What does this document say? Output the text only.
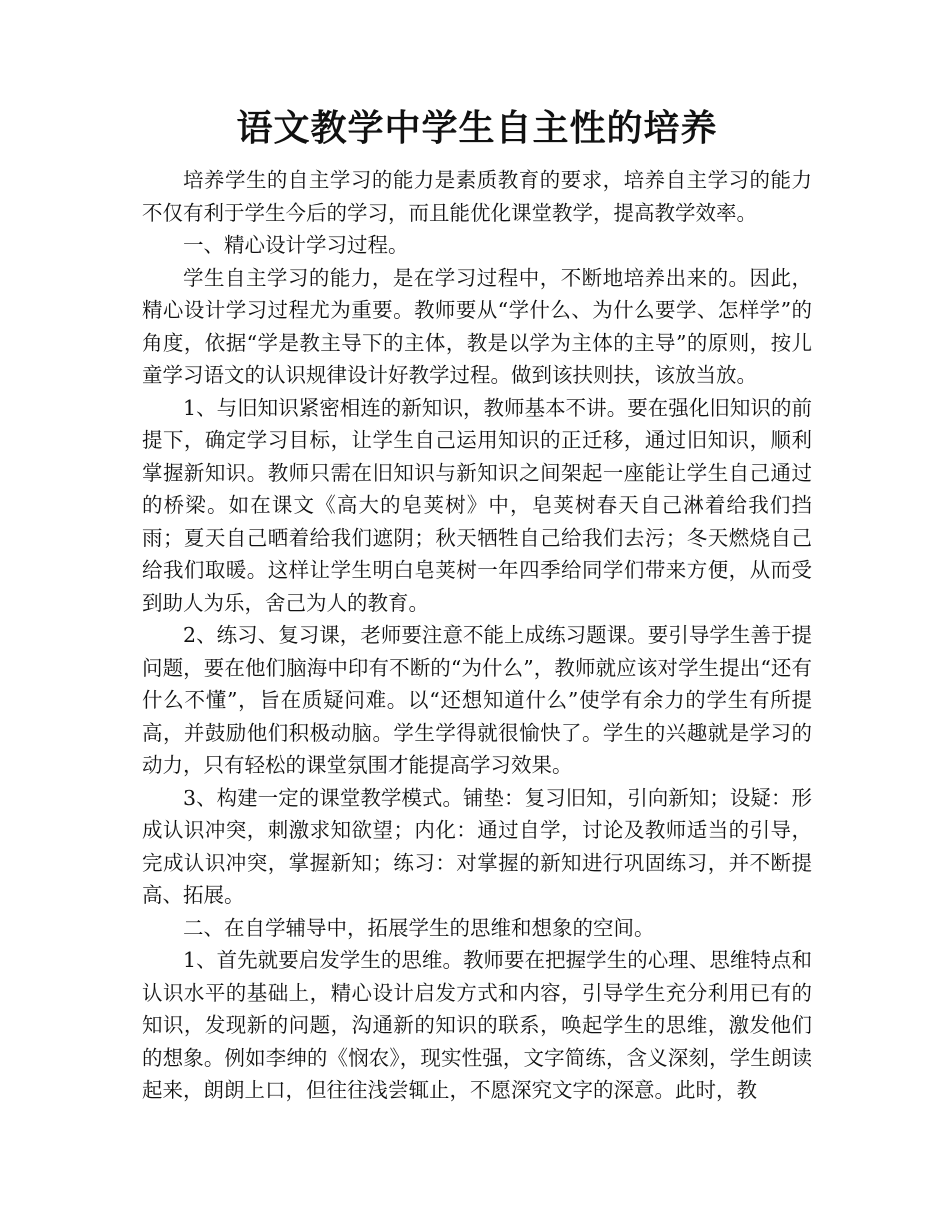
语文教学中学生自主性的培养

培养学生的自主学习的能力是素质教育的要求，培养自主学习的能力不仅有利于学生今后的学习，而且能优化课堂教学，提高教学效率。

一、精心设计学习过程。

学生自主学习的能力，是在学习过程中，不断地培养出来的。因此，精心设计学习过程尤为重要。教师要从“学什么、为什么要学、怎样学”的角度，依据“学是教主导下的主体，教是以学为主体的主导”的原则，按儿童学习语文的认识规律设计好教学过程。做到该扶则扶，该放当放。

1、与旧知识紧密相连的新知识，教师基本不讲。要在强化旧知识的前提下，确定学习目标，让学生自己运用知识的正迁移，通过旧知识，顺利掌握新知识。教师只需在旧知识与新知识之间架起一座能让学生自己通过的桥梁。如在课文《高大的皂荚树》中，皂荚树春天自己淋着给我们挡雨；夏天自己晒着给我们遮阴；秋天牺牲自己给我们去污；冬天燃烧自己给我们取暖。这样让学生明白皂荚树一年四季给同学们带来方便，从而受到助人为乐，舍己为人的教育。

2、练习、复习课，老师要注意不能上成练习题课。要引导学生善于提问题，要在他们脑海中印有不断的“为什么”，教师就应该对学生提出“还有什么不懂”，旨在质疑问难。以“还想知道什么”使学有余力的学生有所提高，并鼓励他们积极动脑。学生学得就很愉快了。学生的兴趣就是学习的动力，只有轻松的课堂氛围才能提高学习效果。

3、构建一定的课堂教学模式。铺垫：复习旧知，引向新知；设疑：形成认识冲突，刺激求知欲望；内化：通过自学，讨论及教师适当的引导，完成认识冲突，掌握新知；练习：对掌握的新知进行巩固练习，并不断提高、拓展。

二、在自学辅导中，拓展学生的思维和想象的空间。

1、首先就要启发学生的思维。教师要在把握学生的心理、思维特点和认识水平的基础上，精心设计启发方式和内容，引导学生充分利用已有的知识，发现新的问题，沟通新的知识的联系，唤起学生的思维，激发他们的想象。例如李绅的《悯农》，现实性强，文字简练，含义深刻，学生朗读起来，朗朗上口，但往往浅尝辄止，不愿深究文字的深意。此时，教
